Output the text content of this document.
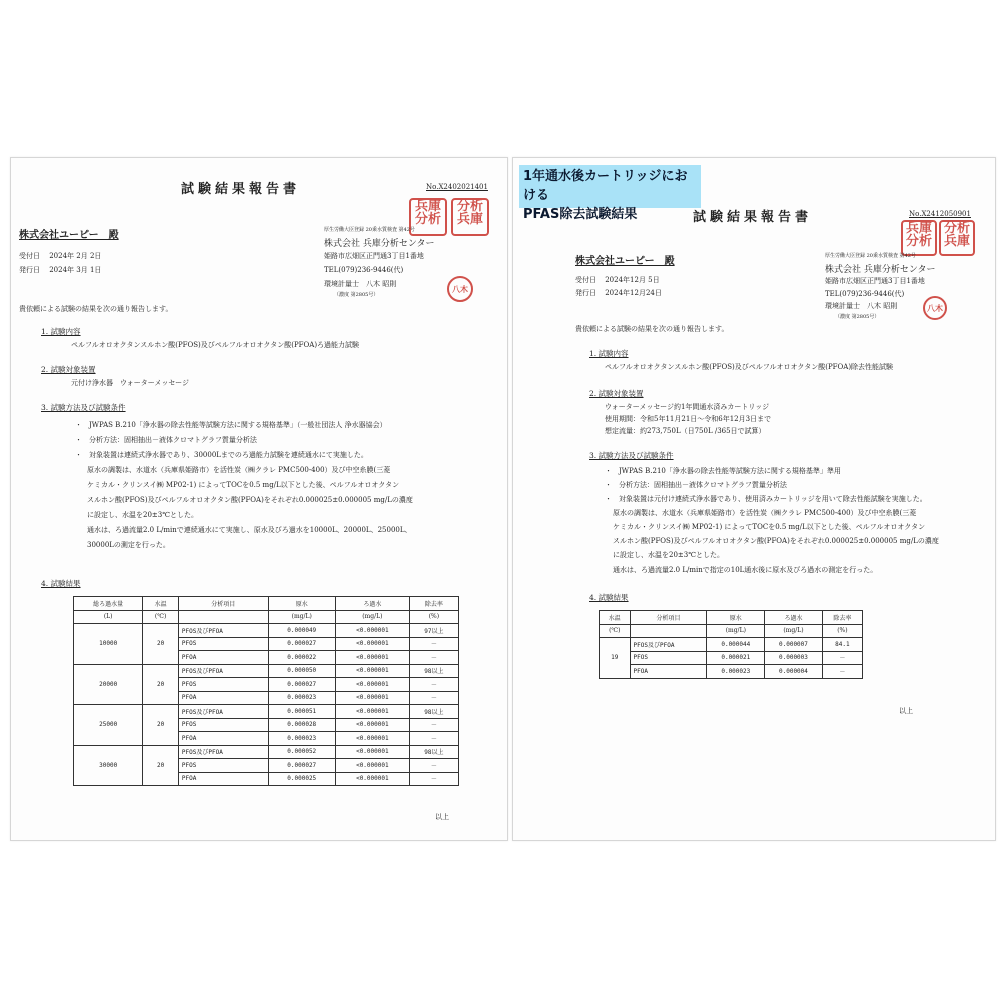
試験結果報告書	No.X2402021401
兵庫
分析
分析
兵庫
株式会社ユーピー　殿	厚生労働大臣登録 20乗水質検査 第42号
株式会社 兵庫分析センター
姫路市広畑区正門通3丁目1番地
TEL(079)236-9446(代)
環境計量士　八木 昭則
（濃度 第2805号）
八木
受付日　 2024年 2月 2日
発行日　 2024年 3月 1日
貴依頼による試験の結果を次の通り報告します。
1. 試験内容
ペルフルオロオクタンスルホン酸(PFOS)及びペルフルオロオクタン酸(PFOA)ろ過能力試験
2. 試験対象装置
元付け浄水器　ウォーターメッセージ
3. 試験方法及び試験条件
・　JWPAS B.210「浄水器の除去性能等試験方法に関する規格基準」（一般社団法人 浄水器協会）
・　分析方法：固相抽出－液体クロマトグラフ質量分析法
・　対象装置は連続式浄水器であり、30000Lまでのろ過能力試験を連続通水にて実施した。
原水の調製は、水道水（兵庫県姫路市）を活性炭（㈱クラレ PMC500-400）及び中空糸膜(三菱
ケミカル・クリンスイ㈱ MP02-1) によってTOCを0.5 mg/L以下とした後、ペルフルオロオクタン
スルホン酸(PFOS)及びペルフルオロオクタン酸(PFOA)をそれぞれ0.000025±0.000005 mg/Lの濃度
に設定し、水温を20±3℃とした。
通水は、ろ過流量2.0 L/minで連続通水にて実施し、原水及びろ過水を10000L、20000L、25000L、
30000Lの測定を行った。
4. 試験結果
総ろ過水量	水温	分析項目	原水	ろ過水	除去率
(L)	(℃)		(mg/L)	(mg/L)	(%)
10000	20	PFOS及びPFOA	0.000049	<0.000001	97以上
		PFOS	0.000027	<0.000001	－
		PFOA	0.000022	<0.000001	－
20000	20	PFOS及びPFOA	0.000050	<0.000001	98以上
		PFOS	0.000027	<0.000001	－
		PFOA	0.000023	<0.000001	－
25000	20	PFOS及びPFOA	0.000051	<0.000001	98以上
		PFOS	0.000028	<0.000001	－
		PFOA	0.000023	<0.000001	－
30000	20	PFOS及びPFOA	0.000052	<0.000001	98以上
		PFOS	0.000027	<0.000001	－
		PFOA	0.000025	<0.000001	－
以上
試験結果報告書	No.X2412050901
兵庫
分析
分析
兵庫
株式会社ユーピー　殿	厚生労働大臣登録 20乗水質検査 第42号
株式会社 兵庫分析センター
姫路市広畑区正門通3丁目1番地
TEL(079)236-9446(代)
環境計量士　八木 昭則
（濃度 第2805号）
八木
受付日　 2024年12月 5日
発行日　 2024年12月24日
貴依頼による試験の結果を次の通り報告します。
1. 試験内容
ペルフルオロオクタンスルホン酸(PFOS)及びペルフルオロオクタン酸(PFOA)除去性能試験
2. 試験対象装置
ウォーターメッセージ約1年間通水済みカートリッジ
使用期間：令和5年11月21日～令和6年12月3日まで
想定流量：約273,750L（日750L /365日で試算）
3. 試験方法及び試験条件
・　JWPAS B.210「浄水器の除去性能等試験方法に関する規格基準」準用
・　分析方法：固相抽出－液体クロマトグラフ質量分析法
・　対象装置は元付け連続式浄水器であり、使用済みカートリッジを用いて除去性能試験を実施した。
原水の調製は、水道水（兵庫県姫路市）を活性炭（㈱クラレ PMC500-400）及び中空糸膜(三菱
ケミカル・クリンスイ㈱ MP02-1) によってTOCを0.5 mg/L以下とした後、ペルフルオロオクタン
スルホン酸(PFOS)及びペルフルオロオクタン酸(PFOA)をそれぞれ0.000025±0.000005 mg/Lの濃度
に設定し、水温を20±3℃とした。
通水は、ろ過流量2.0 L/minで指定の10L通水後に原水及びろ過水の測定を行った。
4. 試験結果
水温	分析項目	原水	ろ過水	除去率
(℃)		(mg/L)	(mg/L)	(%)
19	PFOS及びPFOA	0.000044	0.000007	84.1
	PFOS	0.000021	0.000003	－
	PFOA	0.000023	0.000004	－
以上
1年通水後カートリッジにおける
PFAS除去試験結果
